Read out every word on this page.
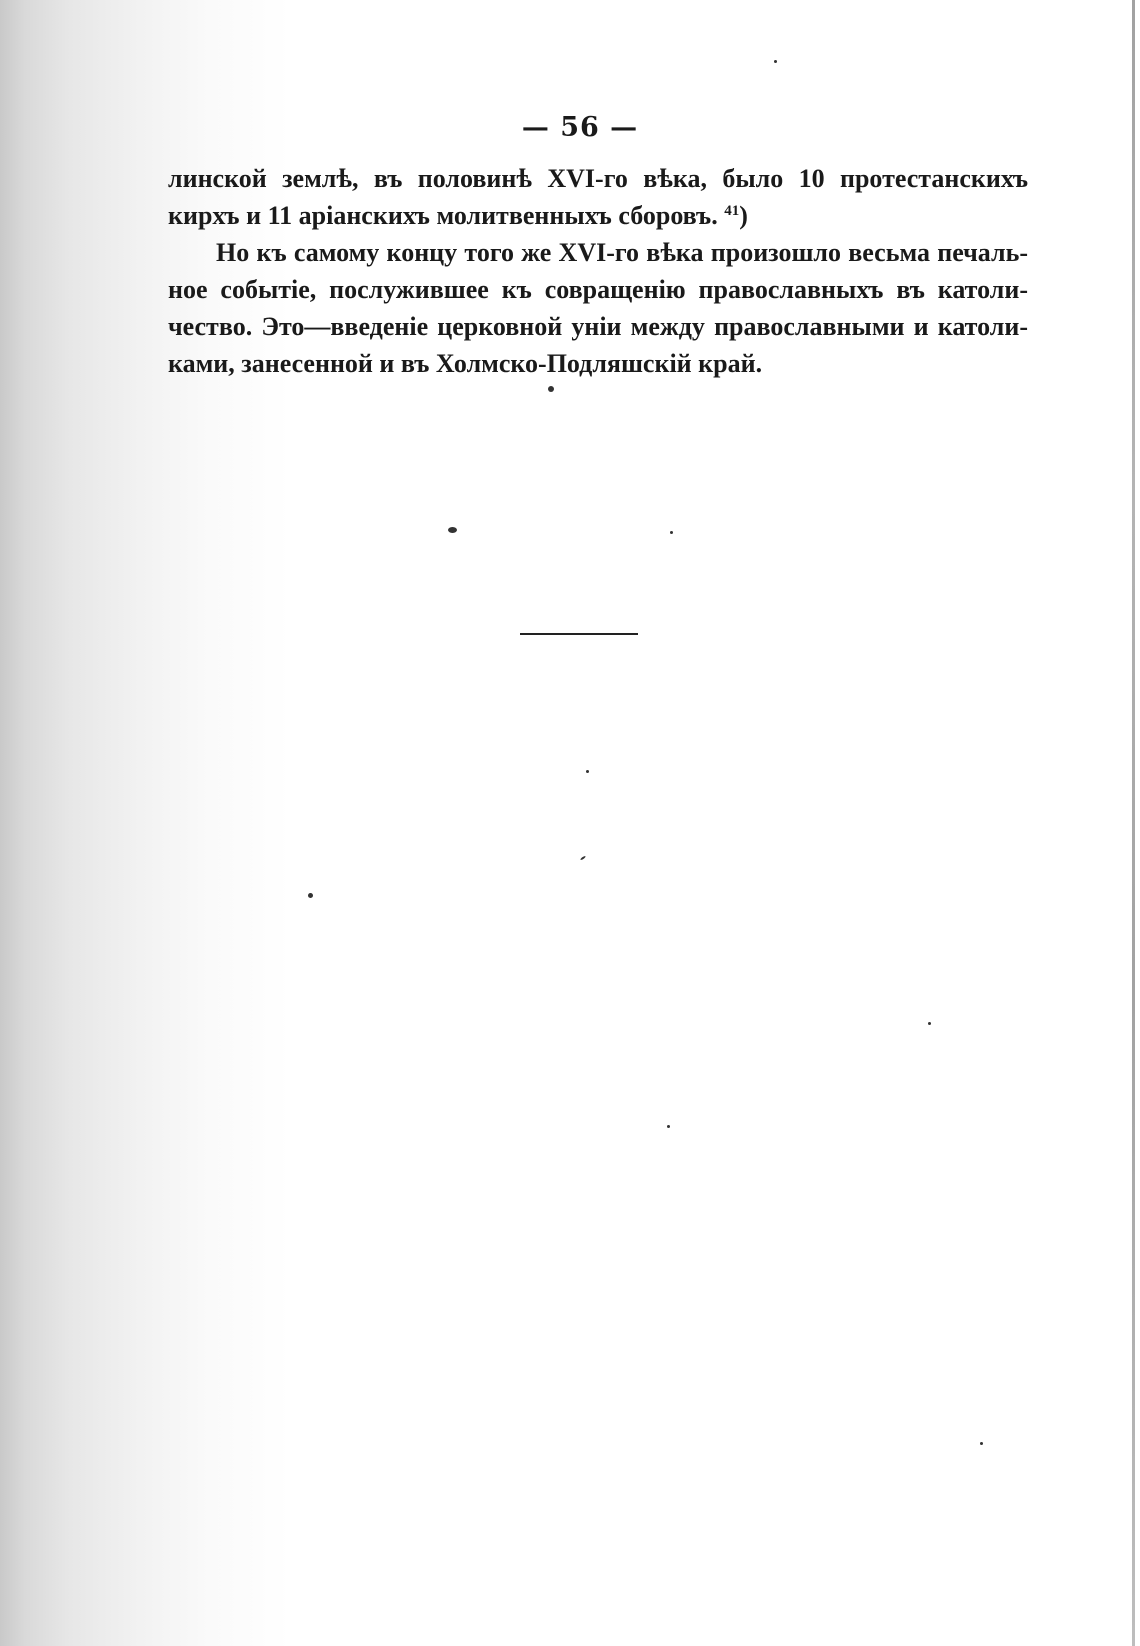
— 56 —
линской землѣ, въ половинѣ XVI-го вѣка, было 10 протестанскихъ
кирхъ и 11 аріанскихъ молитвенныхъ сборовъ. $^{41}$)
Но къ самому концу того же XVI-го вѣка произошло весьма печаль-
ное событіе, послужившее къ совращенію православныхъ въ католи-
чество. Это—введеніе церковной уніи между православными и католи-
ками, занесенной и въ Холмско-Подляшскій край.
